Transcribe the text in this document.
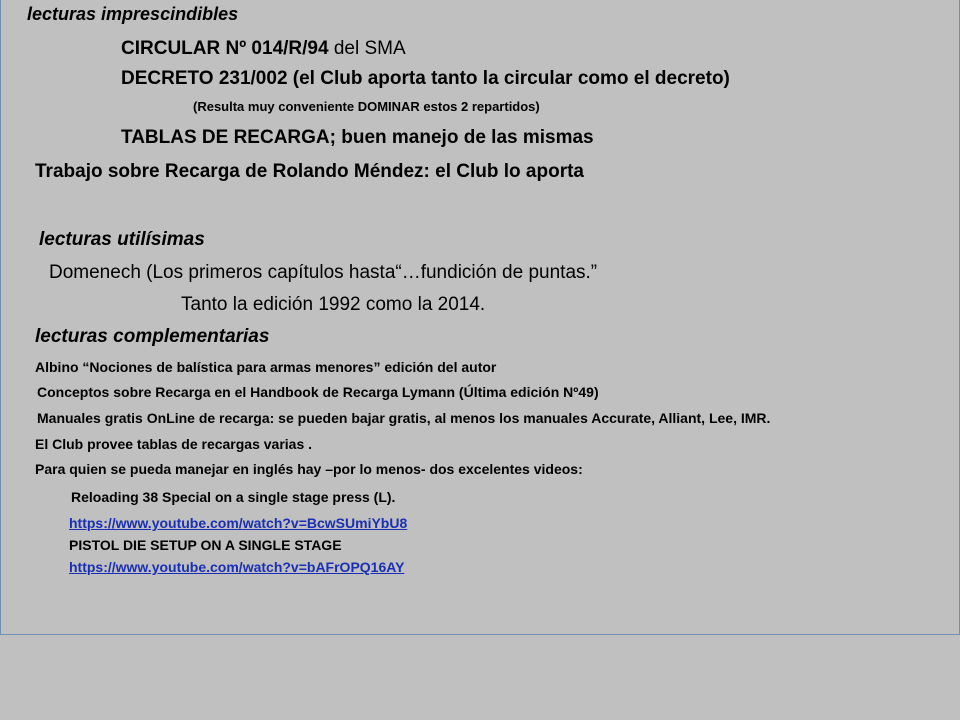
lecturas imprescindibles
CIRCULAR Nº 014/R/94 del SMA
DECRETO 231/002 (el Club aporta tanto la circular como el decreto)
(Resulta muy conveniente DOMINAR estos 2 repartidos)
TABLAS DE RECARGA; buen manejo de las mismas
Trabajo sobre Recarga de Rolando Méndez: el Club lo aporta
lecturas utilísimas
Domenech (Los primeros capítulos hasta“…fundición de puntas.”
Tanto la edición 1992 como la 2014.
lecturas complementarias
Albino “Nociones de balística para armas menores” edición del autor
Conceptos sobre Recarga en el Handbook de Recarga Lymann (Última edición Nº49)
Manuales gratis OnLine de recarga: se pueden bajar gratis, al menos los manuales Accurate, Alliant, Lee, IMR.
El Club provee tablas de recargas varias .
Para quien se pueda manejar en inglés hay –por lo menos- dos excelentes videos:
Reloading 38 Special on a single stage press (L).
https://www.youtube.com/watch?v=BcwSUmiYbU8
PISTOL DIE SETUP ON A SINGLE STAGE
https://www.youtube.com/watch?v=bAFrOPQ16AY
